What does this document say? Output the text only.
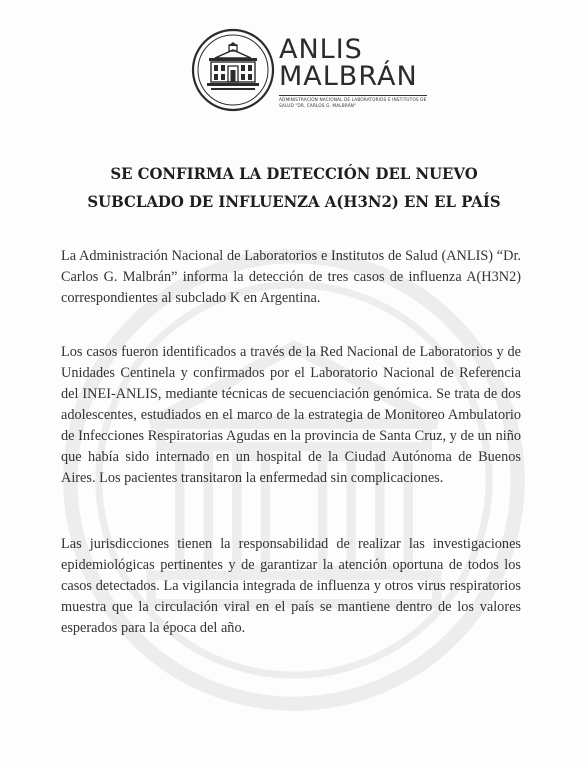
ANLIS
MALBRÁN
ADMINISTRACIÓN NACIONAL DE LABORATORIOS E INSTITUTOS DE SALUD "DR. CARLOS G. MALBRÁN"
SE CONFIRMA LA DETECCIÓN DEL NUEVO
SUBCLADO DE INFLUENZA A(H3N2) EN EL PAÍS

La Administración Nacional de Laboratorios e Institutos de Salud (ANLIS) “Dr. Carlos G. Malbrán” informa la detección de tres casos de influenza A(H3N2) correspondientes al subclado K en Argentina.

Los casos fueron identificados a través de la Red Nacional de Laboratorios y de Unidades Centinela y confirmados por el Laboratorio Nacional de Referencia del INEI-ANLIS, mediante técnicas de secuenciación genómica. Se trata de dos adolescentes, estudiados en el marco de la estrategia de Monitoreo Ambulatorio de Infecciones Respiratorias Agudas en la provincia de Santa Cruz, y de un niño que había sido internado en un hospital de la Ciudad Autónoma de Buenos Aires. Los pacientes transitaron la enfermedad sin complicaciones.

Las jurisdicciones tienen la responsabilidad de realizar las investigaciones epidemiológicas pertinentes y de garantizar la atención oportuna de todos los casos detectados. La vigilancia integrada de influenza y otros virus respiratorios muestra que la circulación viral en el país se mantiene dentro de los valores esperados para la época del año.
